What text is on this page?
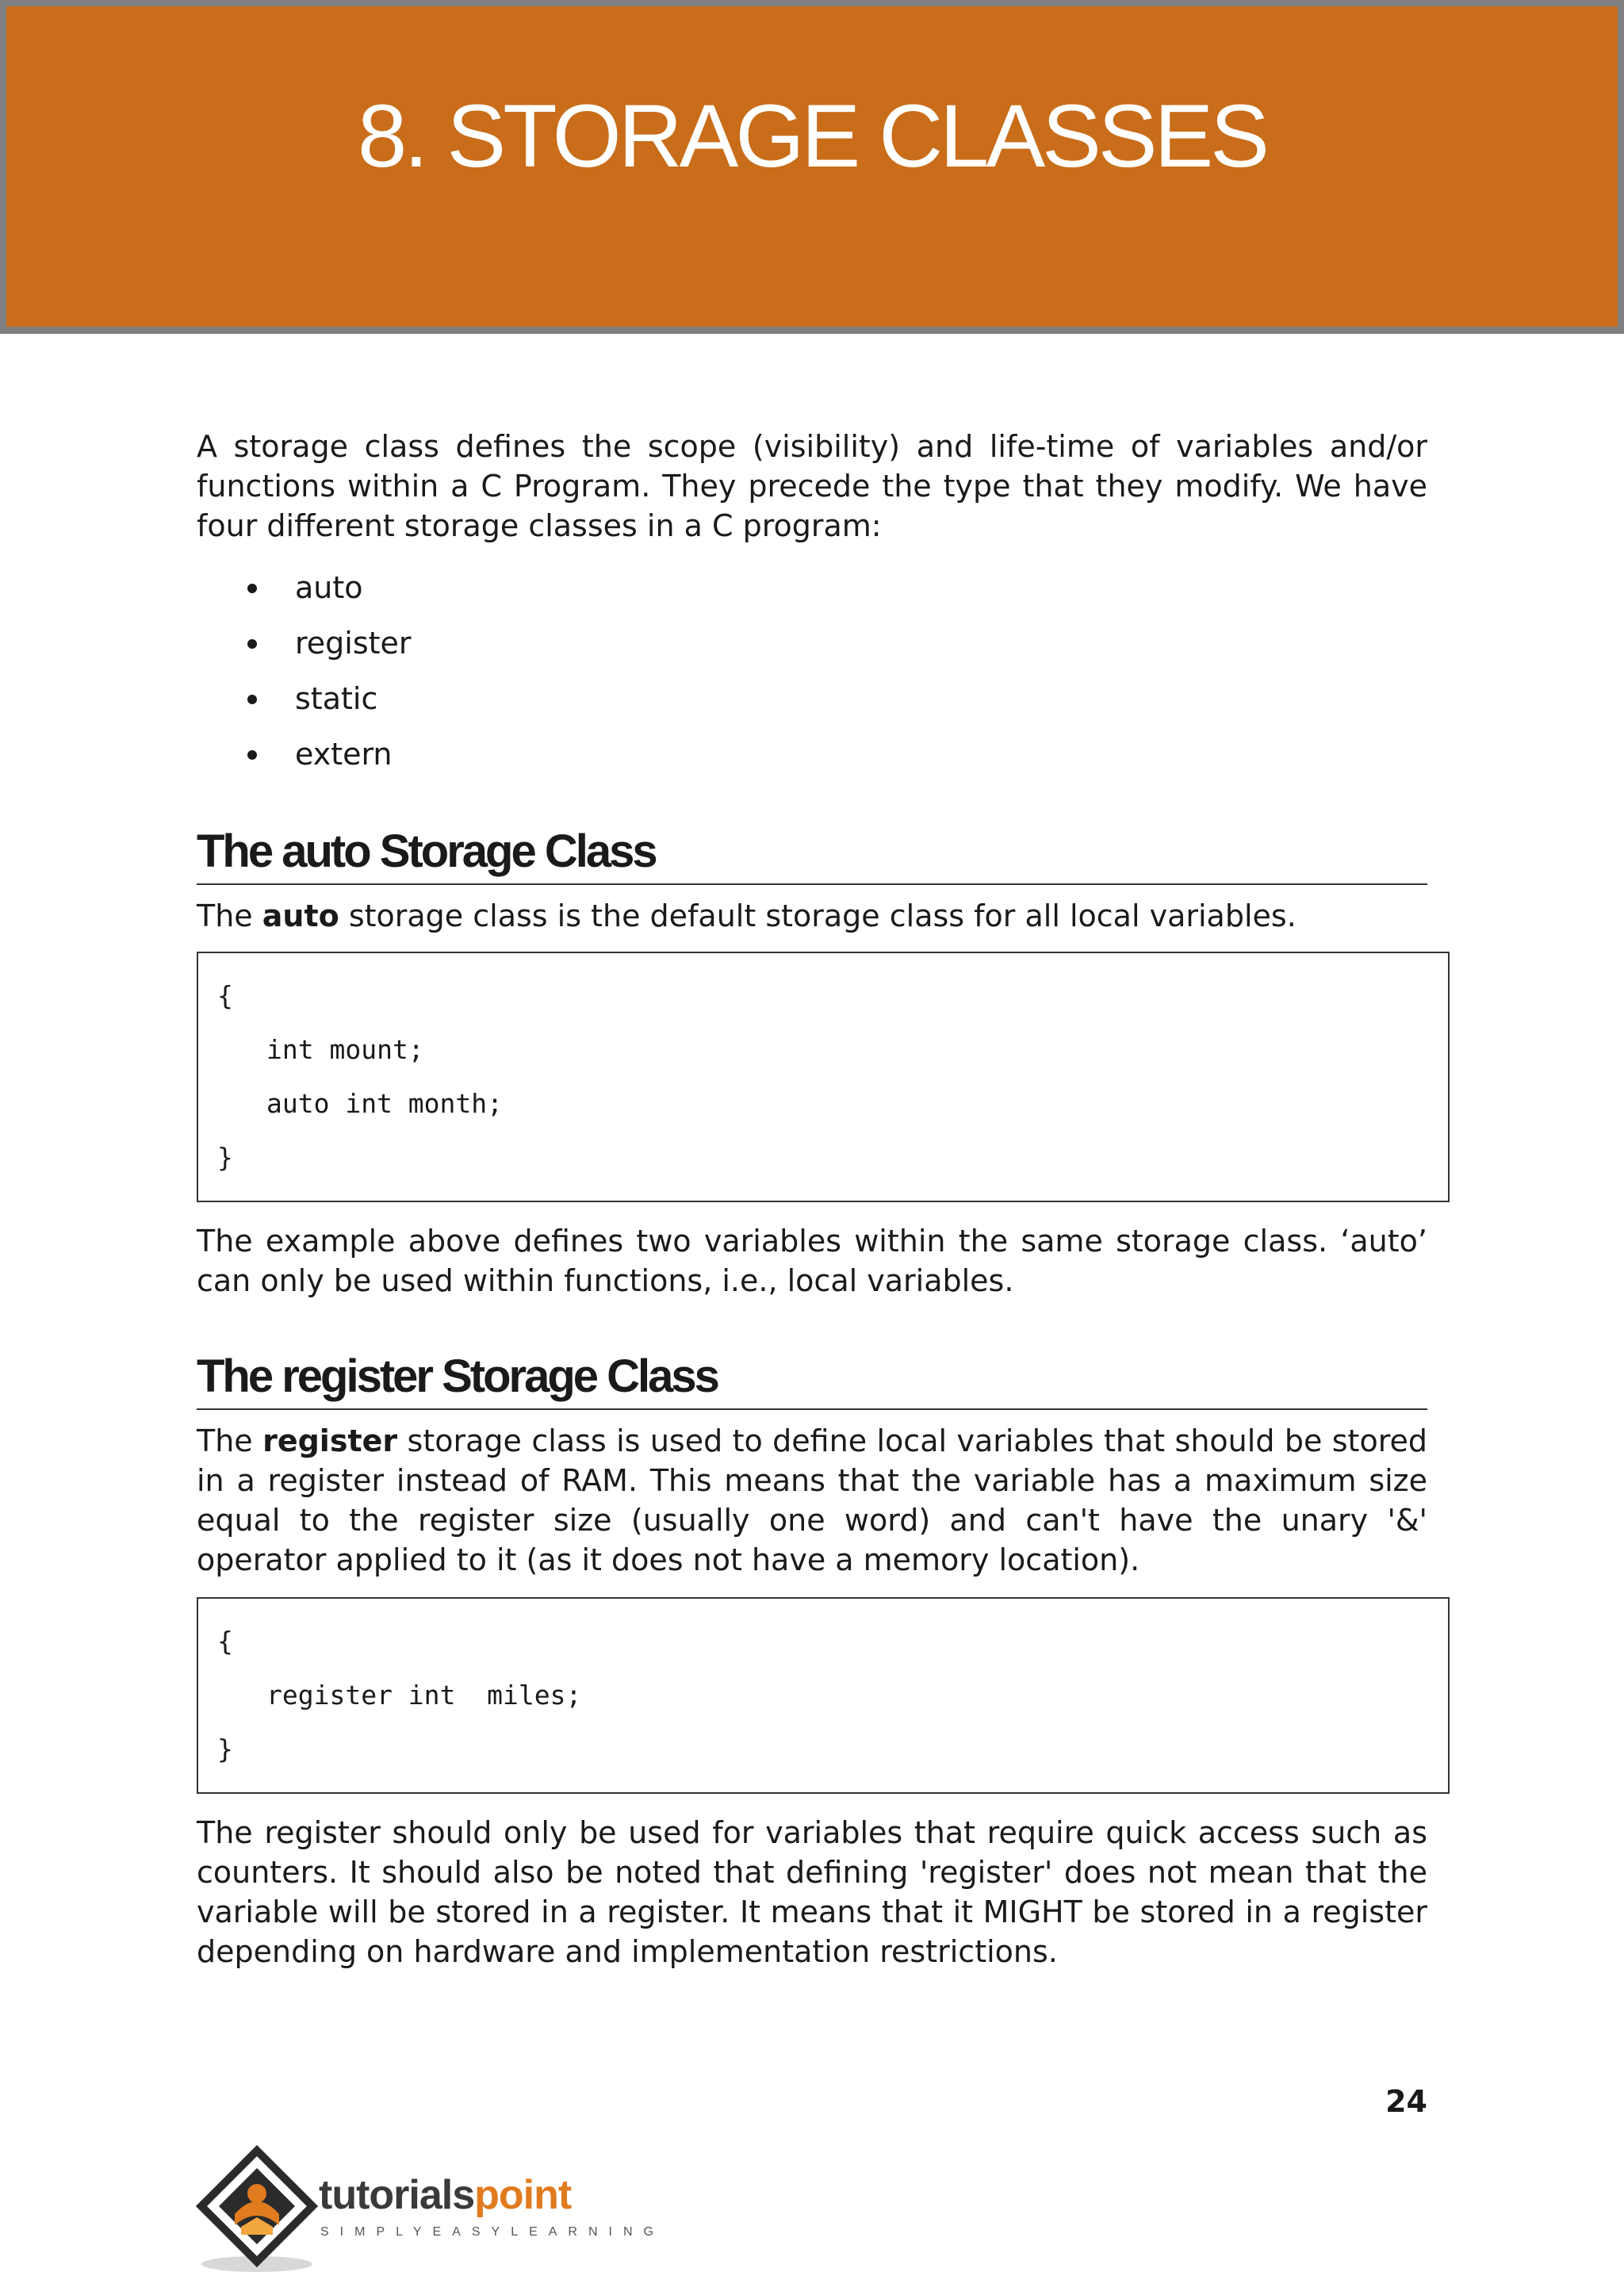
8. STORAGE CLASSES

A storage class defines the scope (visibility) and life-time of variables and/or functions within a C Program. They precede the type that they modify. We have four different storage classes in a C program:

auto
register
static
extern
The auto Storage Class

The auto storage class is the default storage class for all local variables.

{
int mount;
auto int month;
}

The example above defines two variables within the same storage class. ‘auto’ can only be used within functions, i.e., local variables.

The register Storage Class

The register storage class is used to define local variables that should be stored in a register instead of RAM. This means that the variable has a maximum size equal to the register size (usually one word) and can't have the unary '&' operator applied to it (as it does not have a memory location).

{
register int  miles;
}

The register should only be used for variables that require quick access such as counters. It should also be noted that defining 'register' does not mean that the variable will be stored in a register. It means that it MIGHT be stored in a register depending on hardware and implementation restrictions.

24
tutorialspoint
SIMPLYEASYLEARNING
